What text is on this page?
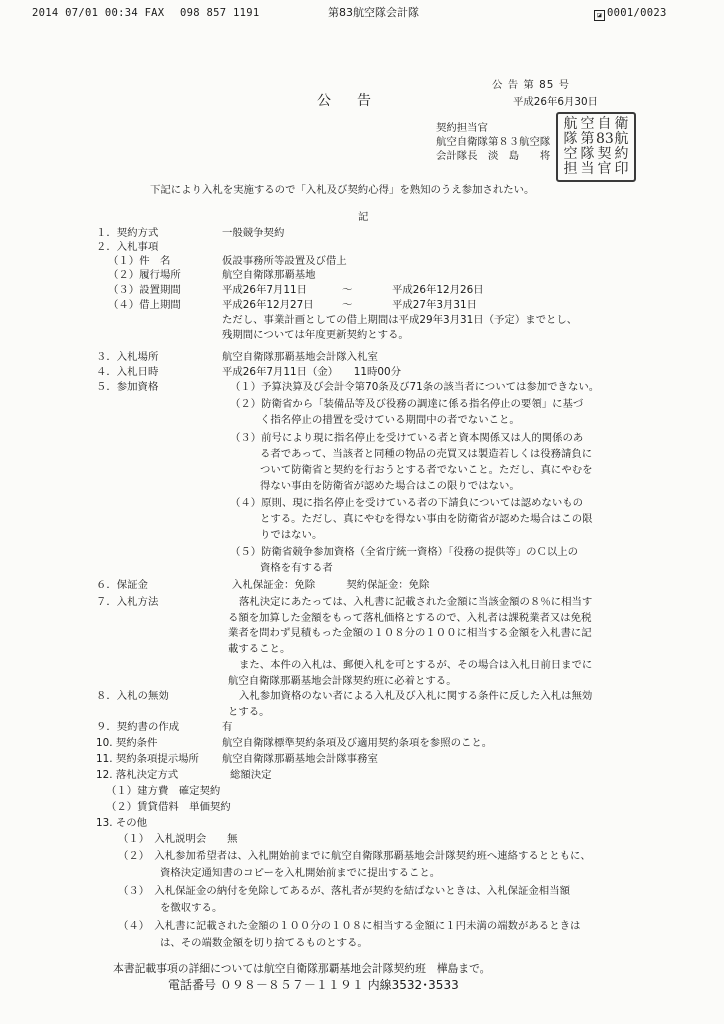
2014 07/01 00:34 FAX 098 857 1191	第83航空隊会計隊	◪ 0001/0023
公 告 第 85 号
平成26年6月30日
公告
契約担当官
航空自衛隊第８３航空隊
会計隊長　淡　島　　将
航 空 自 衛
隊 第 83 航
空 隊 契 約
担 当 官 印
下記により入札を実施するので「入札及び契約心得」を熟知のうえ参加されたい。
記
１．契約方式	一般競争契約
２．入札事項
（１）件　名	仮設事務所等設置及び借上
（２）履行場所	航空自衛隊那覇基地
（３）設置期間	平成26年7月11日	～	平成26年12月26日
（４）借上期間	平成26年12月27日	～	平成27年3月31日
ただし、事業計画としての借上期間は平成29年3月31日（予定）までとし、
残期間については年度更新契約とする。
３．入札場所	航空自衛隊那覇基地会計隊入札室
４．入札日時	平成26年7月11日（金）　　11時00分
５．参加資格	（１）予算決算及び会計令第70条及び71条の該当者については参加できない。
（２）防衛省から「装備品等及び役務の調達に係る指名停止の要領」に基づ
く指名停止の措置を受けている期間中の者でないこと。
（３）前号により現に指名停止を受けている者と資本関係又は人的関係のあ
る者であって、当該者と同種の物品の売買又は製造若しくは役務請負に
ついて防衛省と契約を行おうとする者でないこと。ただし、真にやむを
得ない事由を防衛省が認めた場合はこの限りではない。
（４）原則、現に指名停止を受けている者の下請負については認めないもの
とする。ただし、真にやむを得ない事由を防衛省が認めた場合はこの限
りではない。
（５）防衛省競争参加資格（全省庁統一資格）「役務の提供等」のＣ以上の
資格を有する者
６．保証金	入札保証金：免除　　　契約保証金：免除
７．入札方法	落札決定にあたっては、入札書に記載された金額に当該金額の８％に相当する額を加算した金額をもって落札価格とするので、入札者は課税業者又は免税業者を問わず見積もった金額の１０８分の１００に相当する金額を入札書に記載すること。
また、本件の入札は、郵便入札を可とするが、その場合は入札日前日までに航空自衛隊那覇基地会計隊契約班に必着とする。
８．入札の無効	入札参加資格のない者による入札及び入札に関する条件に反した入札は無効とする。
９．契約書の作成	有
10. 契約条件	航空自衛隊標準契約条項及び適用契約条項を参照のこと。
11. 契約条項提示場所 航空自衛隊那覇基地会計隊事務室
12. 落札決定方式	総額決定
（１）建方費　確定契約
（２）賃貸借料　単価契約
13. その他
（１）　入札説明会　　無
（２）　入札参加希望者は、入札開始前までに航空自衛隊那覇基地会計隊契約班へ連絡するとともに、
資格決定通知書のコピーを入札開始前までに提出すること。
（３）　入札保証金の納付を免除してあるが、落札者が契約を結ばないときは、入札保証金相当額
を徴収する。
（４）　入札書に記載された金額の１００分の１０８に相当する金額に１円未満の端数があるときは
は、その端数金額を切り捨てるものとする。
本書記載事項の詳細については航空自衛隊那覇基地会計隊契約班　樺島まで。
電話番号 ０９８－８５７－１１９１ 内線3532･3533
